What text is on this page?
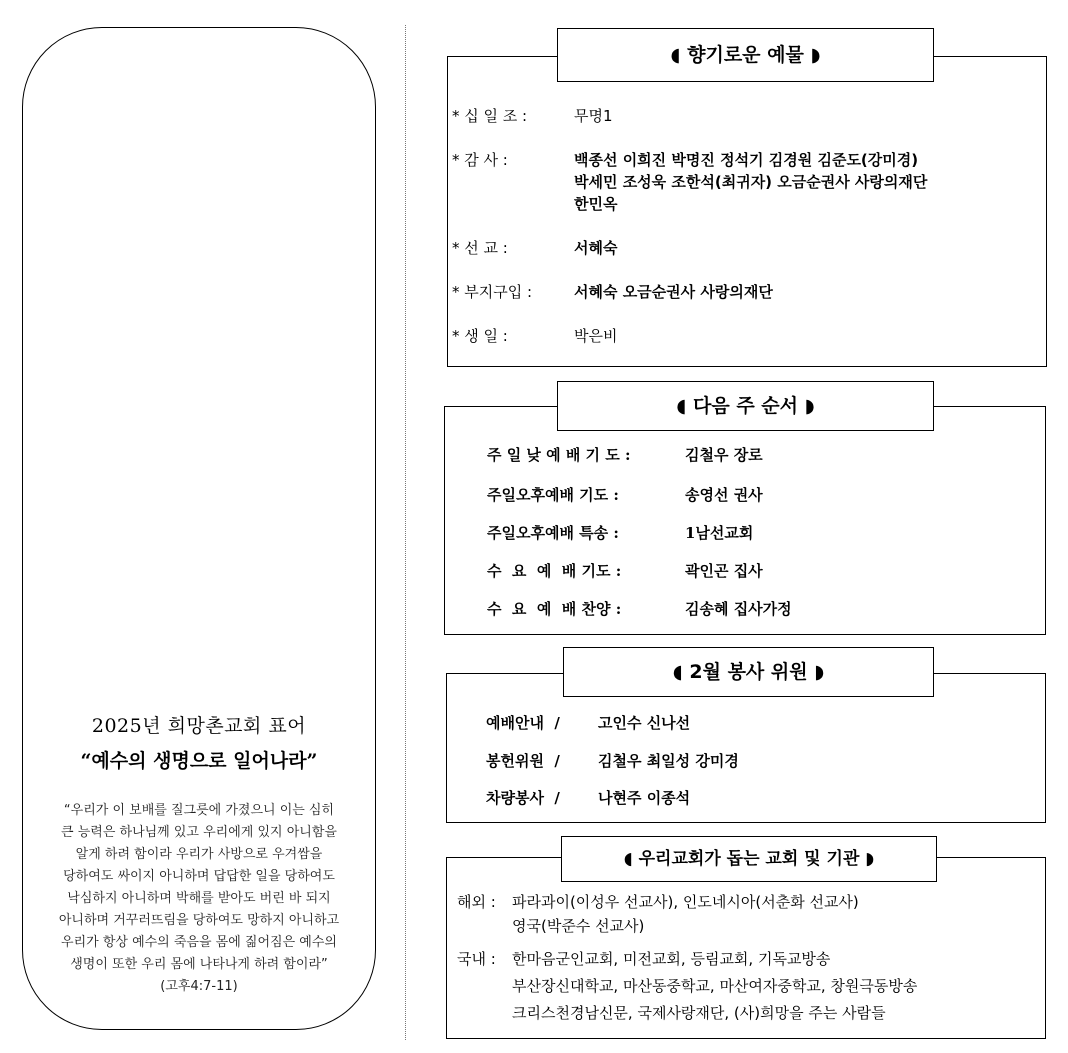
2025년 희망촌교회 표어
“예수의 생명으로 일어나라”
“우리가 이 보배를 질그릇에 가졌으니 이는 심히
큰 능력은 하나님께 있고 우리에게 있지 아니함을
알게 하려 함이라 우리가 사방으로 우겨쌈을
당하여도 싸이지 아니하며 답답한 일을 당하여도
낙심하지 아니하며 박해를 받아도 버린 바 되지
아니하며 거꾸러뜨림을 당하여도 망하지 아니하고
우리가 항상 예수의 죽음을 몸에 짊어짐은 예수의
생명이 또한 우리 몸에 나타나게 하려 함이라”
(고후4:7-11)
◖ 향기로운 예물 ◗
* 십 일 조 :	무명1
* 감 사 :	백종선 이희진 박명진 정석기 김경원 김준도(강미경)
박세민 조성욱 조한석(최귀자) 오금순권사 사랑의재단
한민옥
* 선 교 :	서혜숙
* 부지구입 :	서혜숙 오금순권사 사랑의재단
* 생 일 :	박은비
◖ 다음 주 순서 ◗
주 일 낮 예 배 기 도 :	김철우 장로
주일오후예배 기도 :	송영선 권사
주일오후예배 특송 :	1남선교회
수  요  예  배 기도 :	곽인곤 집사
수  요  예  배 찬양 :	김송혜 집사가정
◖ 2월 봉사 위원 ◗
예배안내  /	고인수 신나선
봉헌위원  /	김철우 최일성 강미경
차량봉사  /	나현주 이종석
◖ 우리교회가 돕는 교회 및 기관 ◗
해외 : 파라과이(이성우 선교사), 인도네시아(서춘화 선교사)
영국(박준수 선교사)
국내 : 한마음군인교회, 미전교회, 등림교회, 기독교방송
부산장신대학교, 마산동중학교, 마산여자중학교, 창원극동방송
크리스천경남신문, 국제사랑재단, (사)희망을 주는 사람들
